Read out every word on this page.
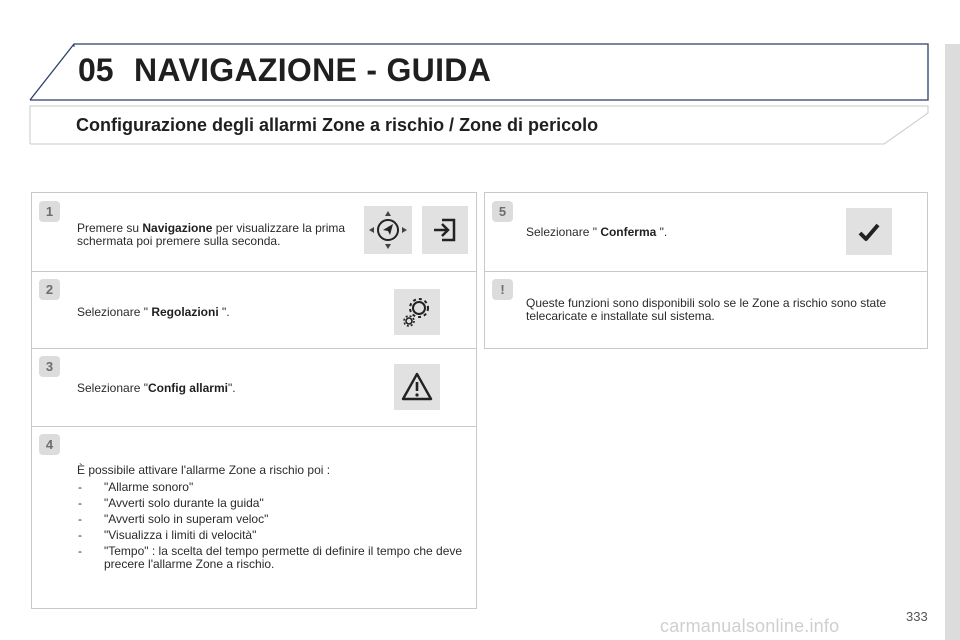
05 NAVIGAZIONE - GUIDA
Configurazione degli allarmi Zone a rischio / Zone di pericolo
1
Premere su Navigazione per visualizzare la prima schermata poi premere sulla seconda.
2
Selezionare " Regolazioni ".
3
Selezionare "Config allarmi".
4
È possibile attivare l'allarme Zone a rischio poi :
- "Allarme sonoro"
- "Avverti solo durante la guida"
- "Avverti solo in superam veloc"
- "Visualizza i limiti di velocità"
- "Tempo" : la scelta del tempo permette di definire il tempo che deve precere l'allarme Zone a rischio.
5
Selezionare " Conferma ".
!
Queste funzioni sono disponibili solo se le Zone a rischio sono state telecaricate e installate sul sistema.
333
carmanualsonline.info
